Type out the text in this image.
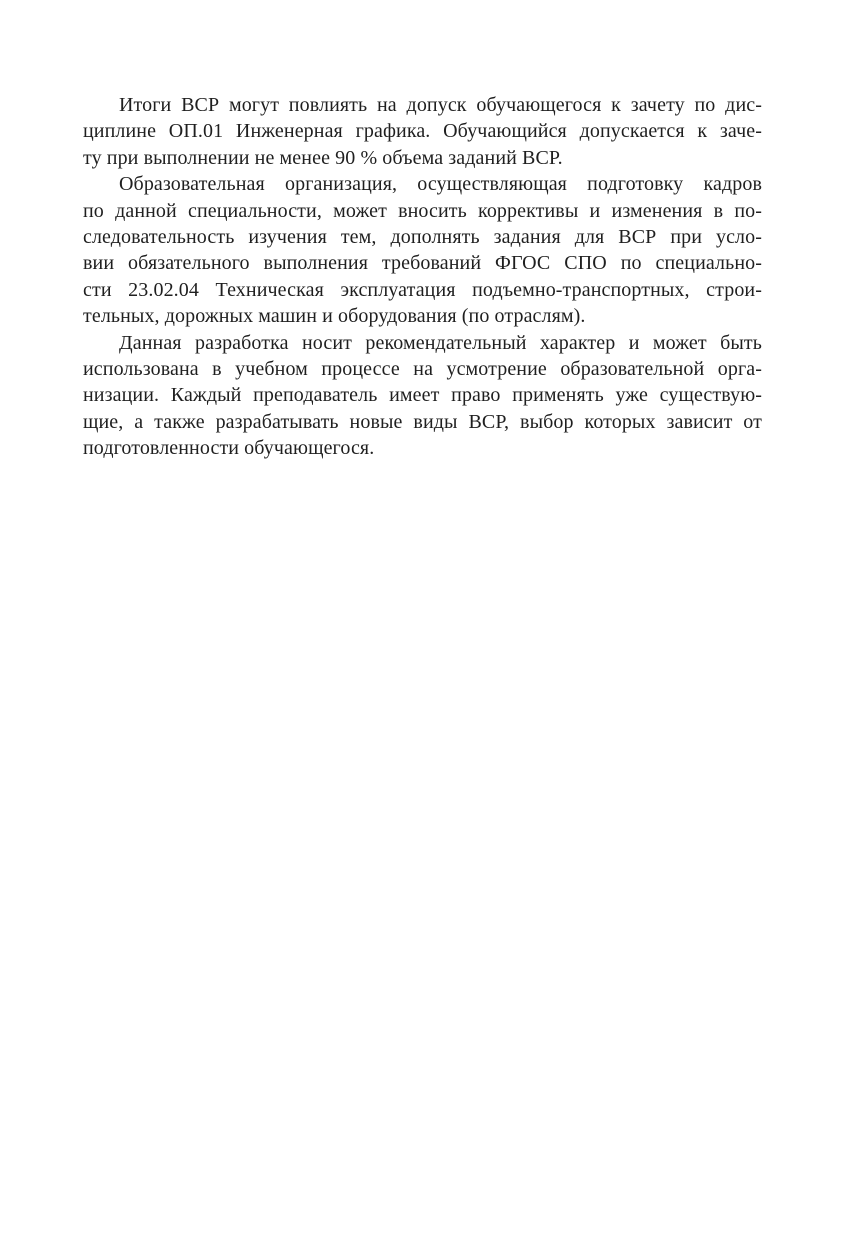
Итоги ВСР могут повлиять на допуск обучающегося к зачету по дис-
циплине ОП.01 Инженерная графика. Обучающийся допускается к заче-
ту при выполнении не менее 90 % объема заданий ВСР.
Образовательная организация, осуществляющая подготовку кадров
по данной специальности, может вносить коррективы и изменения в по-
следовательность изучения тем, дополнять задания для ВСР при усло-
вии обязательного выполнения требований ФГОС СПО по специально-
сти 23.02.04 Техническая эксплуатация подъемно-транспортных, строи-
тельных, дорожных машин и оборудования (по отраслям).
Данная разработка носит рекомендательный характер и может быть
использована в учебном процессе на усмотрение образовательной орга-
низации. Каждый преподаватель имеет право применять уже существую-
щие, а также разрабатывать новые виды ВСР, выбор которых зависит от
подготовленности обучающегося.
